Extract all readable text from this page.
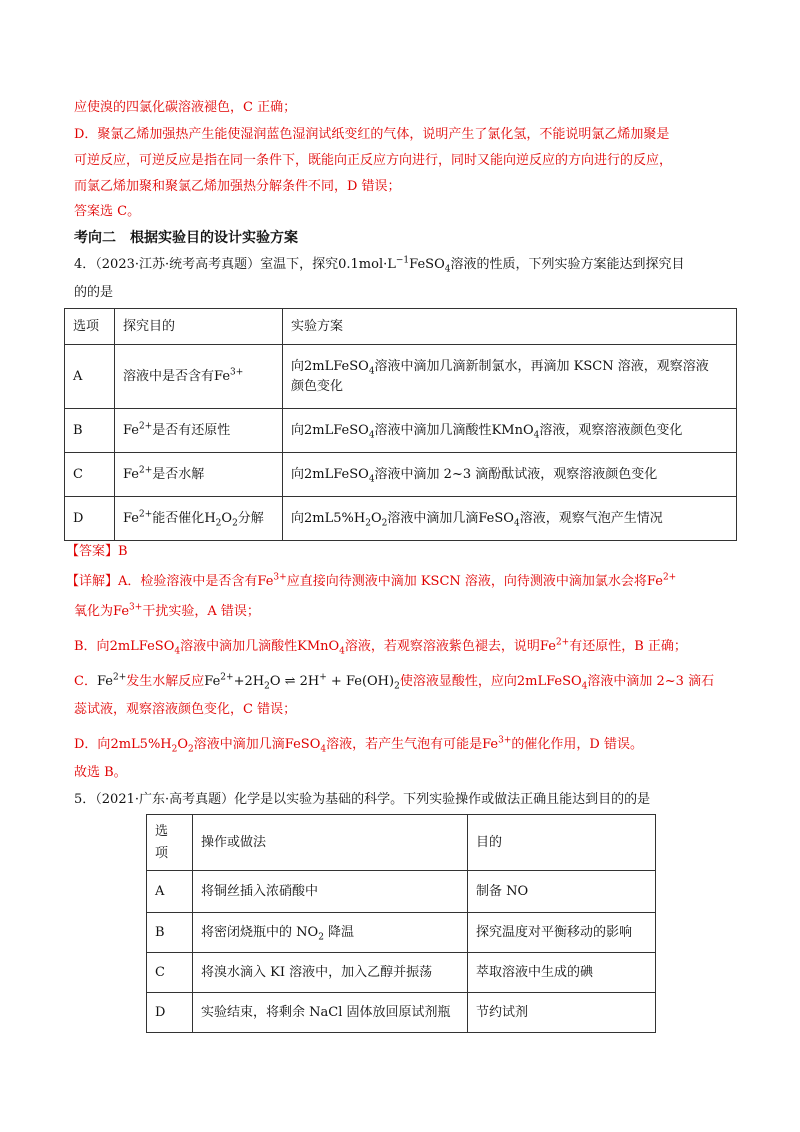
应使溴的四氯化碳溶液褪色，C 正确；
D．聚氯乙烯加强热产生能使湿润蓝色湿润试纸变红的气体，说明产生了氯化氢，不能说明氯乙烯加聚是
可逆反应，可逆反应是指在同一条件下，既能向正反应方向进行，同时又能向逆反应的方向进行的反应，
而氯乙烯加聚和聚氯乙烯加强热分解条件不同，D 错误；
答案选 C。
考向二　根据实验目的设计实验方案
4．（2023·江苏·统考高考真题）室温下，探究$0.1mol\cdot L^{-1}FeSO_4$溶液的性质，下列实验方案能达到探究目
的的是
选项	探究目的	实验方案
A	溶液中是否含有$Fe^{3+}$	向2mLFeSO$_4$溶液中滴加几滴新制氯水，再滴加 KSCN 溶液，观察溶液
颜色变化

B	$Fe^{2+}$是否有还原性	向2mLFeSO$_4$溶液中滴加几滴酸性KMnO$_4$溶液，观察溶液颜色变化
C	$Fe^{2+}$是否水解	向2mLFeSO$_4$溶液中滴加 2~3 滴酚酞试液，观察溶液颜色变化
D	$Fe^{2+}$能否催化$H_2O_2$分解	向$2mL5\%H_2O_2$溶液中滴加几滴FeSO$_4$溶液，观察气泡产生情况
【答案】B
【详解】A．检验溶液中是否含有$Fe^{3+}$应直接向待测液中滴加 KSCN 溶液，向待测液中滴加氯水会将$Fe^{2+}$
氧化为$Fe^{3+}$干扰实验，A 错误；
B．向2mLFeSO$_4$溶液中滴加几滴酸性KMnO$_4$溶液，若观察溶液紫色褪去，说明$Fe^{2+}$有还原性，B 正确；
C．$Fe^{2+}$发生水解反应$Fe^{2+}+2H_2O$ ⇌ $2H^+ + Fe(OH)_2$使溶液显酸性，应向2mLFeSO$_4$溶液中滴加 2~3 滴石
蕊试液，观察溶液颜色变化，C 错误；
D．向$2mL5\%H_2O_2$溶液中滴加几滴FeSO$_4$溶液，若产生气泡有可能是$Fe^{3+}$的催化作用，D 错误。
故选 B。
5．（2021·广东·高考真题）化学是以实验为基础的科学。下列实验操作或做法正确且能达到目的的是
选项	操作或做法	目的
A	将铜丝插入浓硝酸中	制备 NO
B	将密闭烧瓶中的 $NO_2$ 降温	探究温度对平衡移动的影响
C	将溴水滴入 KI 溶液中，加入乙醇并振荡	萃取溶液中生成的碘
D	实验结束，将剩余 NaCl 固体放回原试剂瓶	节约试剂
